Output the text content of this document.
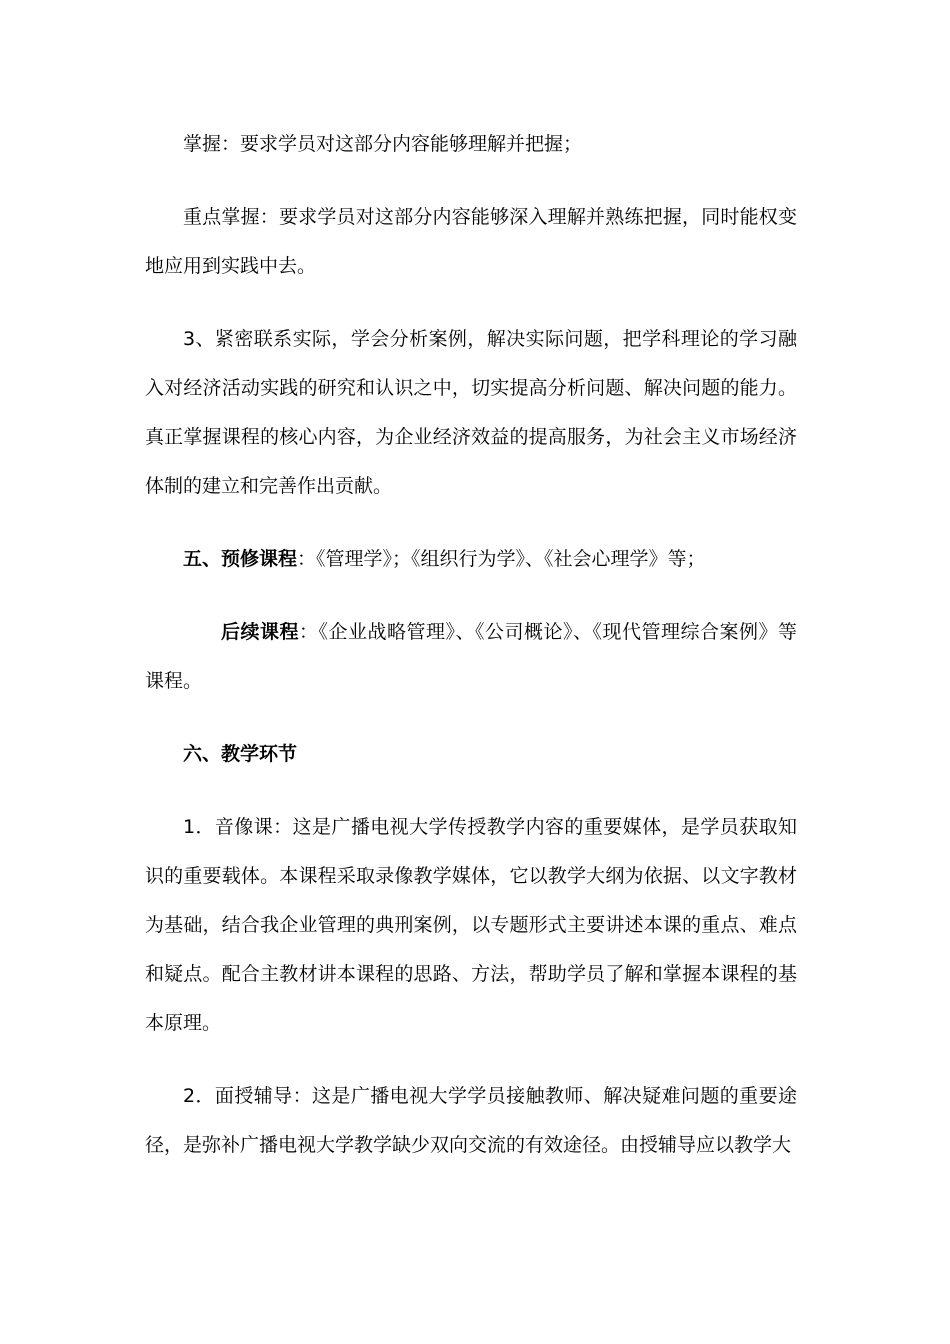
掌握：要求学员对这部分内容能够理解并把握；

重点掌握：要求学员对这部分内容能够深入理解并熟练把握，同时能权变地应用到实践中去。

3、紧密联系实际，学会分析案例，解决实际问题，把学科理论的学习融入对经济活动实践的研究和认识之中，切实提高分析问题、解决问题的能力。真正掌握课程的核心内容，为企业经济效益的提高服务，为社会主义市场经济体制的建立和完善作出贡献。

五、预修课程：《管理学》；《组织行为学》、《社会心理学》等；

后续课程：《企业战略管理》、《公司概论》、《现代管理综合案例》等课程。

六、教学环节

1．音像课：这是广播电视大学传授教学内容的重要媒体，是学员获取知识的重要载体。本课程采取录像教学媒体，它以教学大纲为依据、以文字教材为基础，结合我企业管理的典刑案例，以专题形式主要讲述本课的重点、难点和疑点。配合主教材讲本课程的思路、方法，帮助学员了解和掌握本课程的基本原理。

2．面授辅导：这是广播电视大学学员接触教师、解决疑难问题的重要途径，是弥补广播电视大学教学缺少双向交流的有效途径。由授辅导应以教学大
